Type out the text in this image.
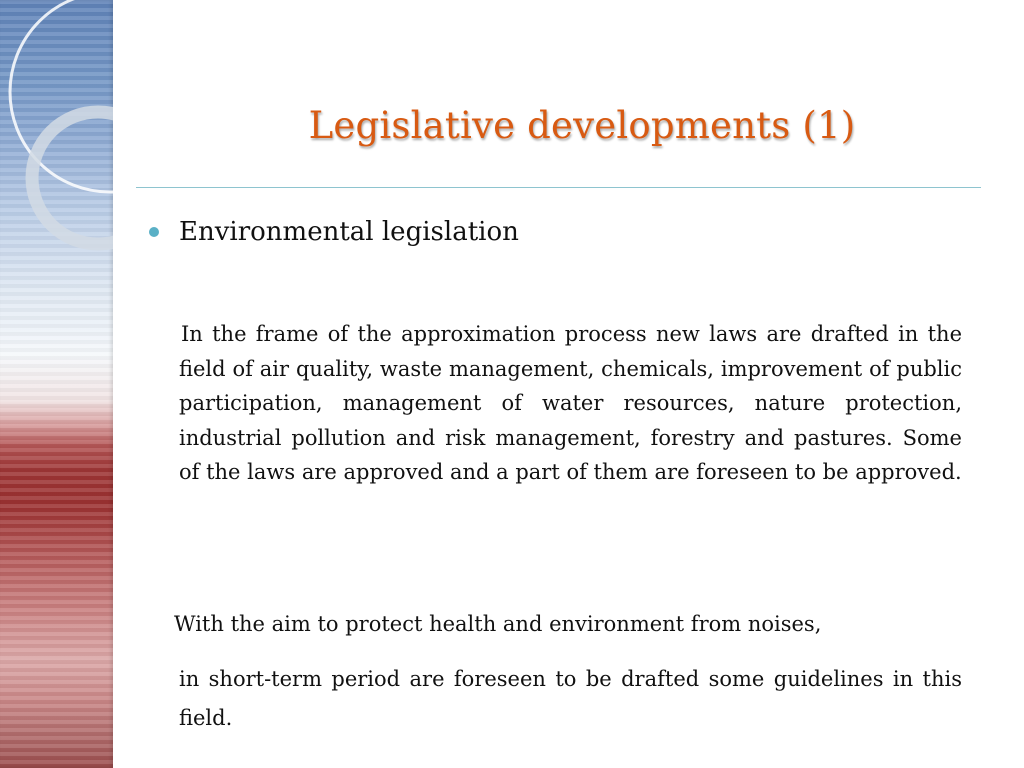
Legislative developments (1)
Environmental legislation

In the frame of the approximation process new laws are drafted in the field of air quality, waste management, chemicals, improvement of public participation, management of water resources, nature protection, industrial pollution and risk management, forestry and pastures. Some of the laws are approved and a part of them are foreseen to be approved.

With the aim to protect health and environment from noises,

in short-term period are foreseen to be drafted some guidelines in this field.
